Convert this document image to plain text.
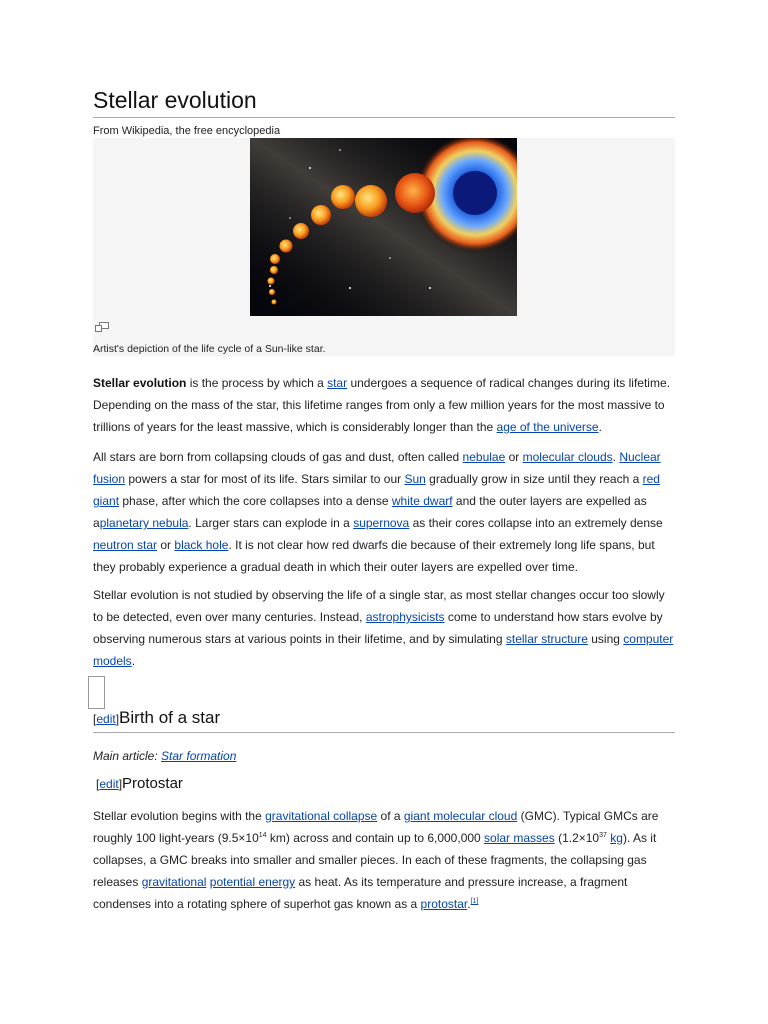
Stellar evolution
From Wikipedia, the free encyclopedia
Artist's depiction of the life cycle of a Sun-like star.

Stellar evolution is the process by which a star undergoes a sequence of radical changes during its lifetime. Depending on the mass of the star, this lifetime ranges from only a few million years for the most massive to trillions of years for the least massive, which is considerably longer than the age of the universe.

All stars are born from collapsing clouds of gas and dust, often called nebulae or molecular clouds. Nuclear fusion powers a star for most of its life. Stars similar to our Sun gradually grow in size until they reach a red giant phase, after which the core collapses into a dense white dwarf and the outer layers are expelled as aplanetary nebula. Larger stars can explode in a supernova as their cores collapse into an extremely dense neutron star or black hole. It is not clear how red dwarfs die because of their extremely long life spans, but they probably experience a gradual death in which their outer layers are expelled over time.

Stellar evolution is not studied by observing the life of a single star, as most stellar changes occur too slowly to be detected, even over many centuries. Instead, astrophysicists come to understand how stars evolve by observing numerous stars at various points in their lifetime, and by simulating stellar structure using computer models.

[edit]Birth of a star
Main article: Star formation
[edit]Protostar

Stellar evolution begins with the gravitational collapse of a giant molecular cloud (GMC). Typical GMCs are roughly 100 light-years ($9.5\times 10^{14}$ km) across and contain up to 6,000,000 solar masses ($1.2\times 10^{37}$ kg). As it collapses, a GMC breaks into smaller and smaller pieces. In each of these fragments, the collapsing gas releases gravitational potential energy as heat. As its temperature and pressure increase, a fragment condenses into a rotating sphere of superhot gas known as a protostar.[1]
